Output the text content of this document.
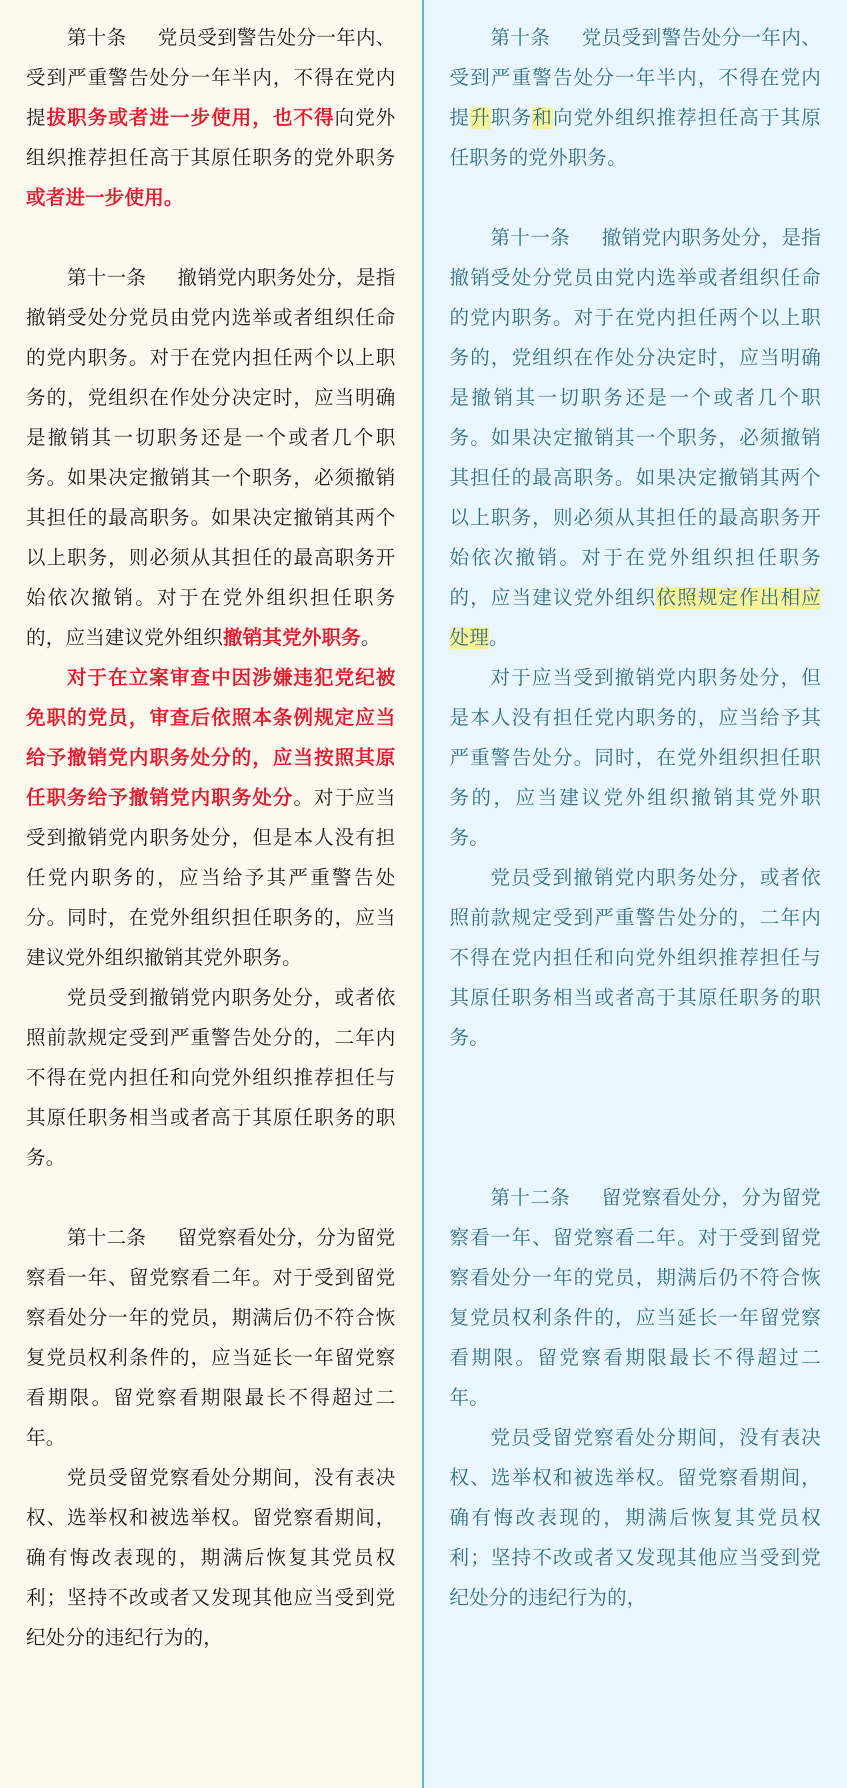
第十条　 党员受到警告处分一年内、受到严重警告处分一年半内，不得在党内提拔职务或者进一步使用，也不得向党外组织推荐担任高于其原任职务的党外职务或者进一步使用。

第十一条　 撤销党内职务处分，是指撤销受处分党员由党内选举或者组织任命的党内职务。对于在党内担任两个以上职务的，党组织在作处分决定时，应当明确是撤销其一切职务还是一个或者几个职务。如果决定撤销其一个职务，必须撤销其担任的最高职务。如果决定撤销其两个以上职务，则必须从其担任的最高职务开始依次撤销。对于在党外组织担任职务的，应当建议党外组织撤销其党外职务。

对于在立案审查中因涉嫌违犯党纪被免职的党员，审查后依照本条例规定应当给予撤销党内职务处分的，应当按照其原任职务给予撤销党内职务处分。对于应当受到撤销党内职务处分，但是本人没有担任党内职务的，应当给予其严重警告处分。同时，在党外组织担任职务的，应当建议党外组织撤销其党外职务。

党员受到撤销党内职务处分，或者依照前款规定受到严重警告处分的，二年内不得在党内担任和向党外组织推荐担任与其原任职务相当或者高于其原任职务的职务。

第十二条　 留党察看处分，分为留党察看一年、留党察看二年。对于受到留党察看处分一年的党员，期满后仍不符合恢复党员权利条件的，应当延长一年留党察看期限。留党察看期限最长不得超过二年。

党员受留党察看处分期间，没有表决权、选举权和被选举权。留党察看期间，确有悔改表现的，期满后恢复其党员权利；坚持不改或者又发现其他应当受到党纪处分的违纪行为的，

第十条　 党员受到警告处分一年内、受到严重警告处分一年半内，不得在党内提升职务和向党外组织推荐担任高于其原任职务的党外职务。

第十一条　 撤销党内职务处分，是指撤销受处分党员由党内选举或者组织任命的党内职务。对于在党内担任两个以上职务的，党组织在作处分决定时，应当明确是撤销其一切职务还是一个或者几个职务。如果决定撤销其一个职务，必须撤销其担任的最高职务。如果决定撤销其两个以上职务，则必须从其担任的最高职务开始依次撤销。对于在党外组织担任职务的，应当建议党外组织依照规定作出相应处理。

对于应当受到撤销党内职务处分，但是本人没有担任党内职务的，应当给予其严重警告处分。同时，在党外组织担任职务的，应当建议党外组织撤销其党外职务。

党员受到撤销党内职务处分，或者依照前款规定受到严重警告处分的，二年内不得在党内担任和向党外组织推荐担任与其原任职务相当或者高于其原任职务的职务。

第十二条　 留党察看处分，分为留党察看一年、留党察看二年。对于受到留党察看处分一年的党员，期满后仍不符合恢复党员权利条件的，应当延长一年留党察看期限。留党察看期限最长不得超过二年。

党员受留党察看处分期间，没有表决权、选举权和被选举权。留党察看期间，确有悔改表现的，期满后恢复其党员权利；坚持不改或者又发现其他应当受到党纪处分的违纪行为的，
